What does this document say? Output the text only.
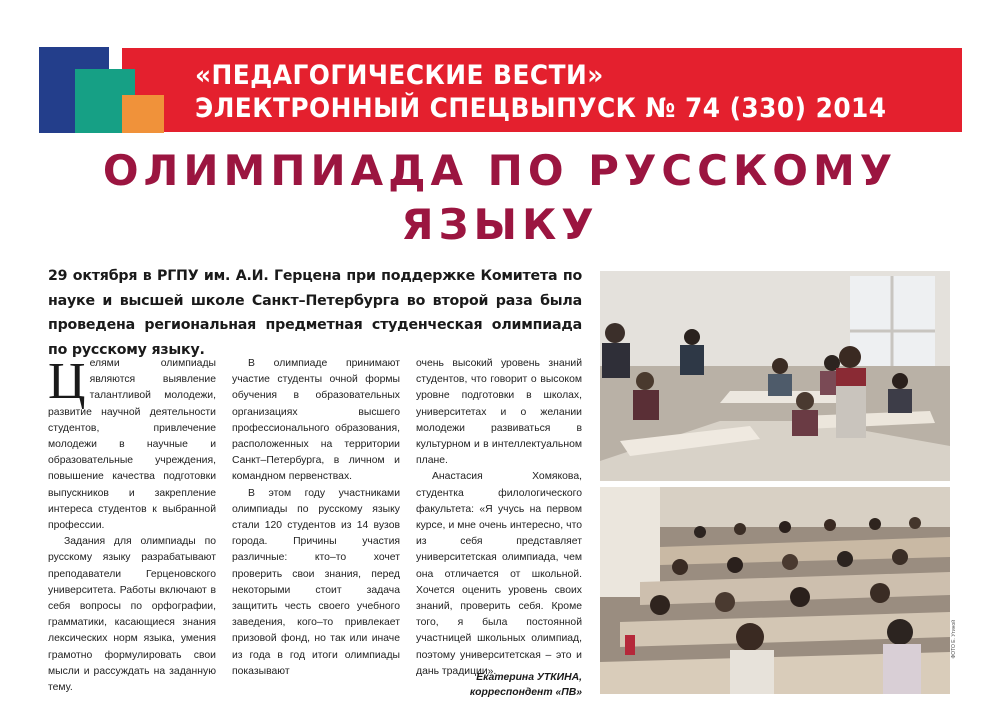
«ПЕДАГОГИЧЕСКИЕ ВЕСТИ»
ЭЛЕКТРОННЫЙ СПЕЦВЫПУСК № 74 (330) 2014
ОЛИМПИАДА ПО РУССКОМУ
ЯЗЫКУ
29 октября в РГПУ им. А.И. Герцена при поддержке Комитета по науке и высшей школе Санкт–Петербурга во второй раза была проведена региональная предметная студенческая олимпиада по русскому языку.

Целями олимпиады являются выявление талантливой молодежи, развитие научной деятельности студентов, привлечение молодежи в научные и образовательные учреждения, повышение качества подготовки выпускников и закрепление интереса студентов к выбранной профессии.

Задания для олимпиады по русскому языку разрабатывают преподаватели Герценовского университета. Работы включают в себя вопросы по орфографии, грамматики, касающиеся знания лексических норм языка, умения грамотно формулировать свои мысли и рассуждать на заданную тему.

В олимпиаде принимают участие студенты очной формы обучения в образовательных организациях высшего профессионального образования, расположенных на территории Санкт–Петербурга, в личном и командном первенствах.

В этом году участниками олимпиады по русскому языку стали 120 студентов из 14 вузов города. Причины участия различные: кто–то хочет проверить свои знания, перед некоторыми стоит задача защитить честь своего учебного заведения, кого–то привлекает призовой фонд, но так или иначе из года в год итоги олимпиады показывают

очень высокий уровень знаний студентов, что говорит о высоком уровне подготовки в школах, университетах и о желании молодежи развиваться в культурном и в интеллектуальном плане.

Анастасия Хомякова, студентка филологического факультета: «Я учусь на первом курсе, и мне очень интересно, что из себя представляет университетская олимпиада, чем она отличается от школьной. Хочется оценить уровень своих знаний, проверить себя. Кроме того, я была постоянной участницей школьных олимпиад, поэтому университетская – это и дань традиции».

Екатерина УТКИНА,
корреспондент «ПВ»
ФОТО Е. Утиной
